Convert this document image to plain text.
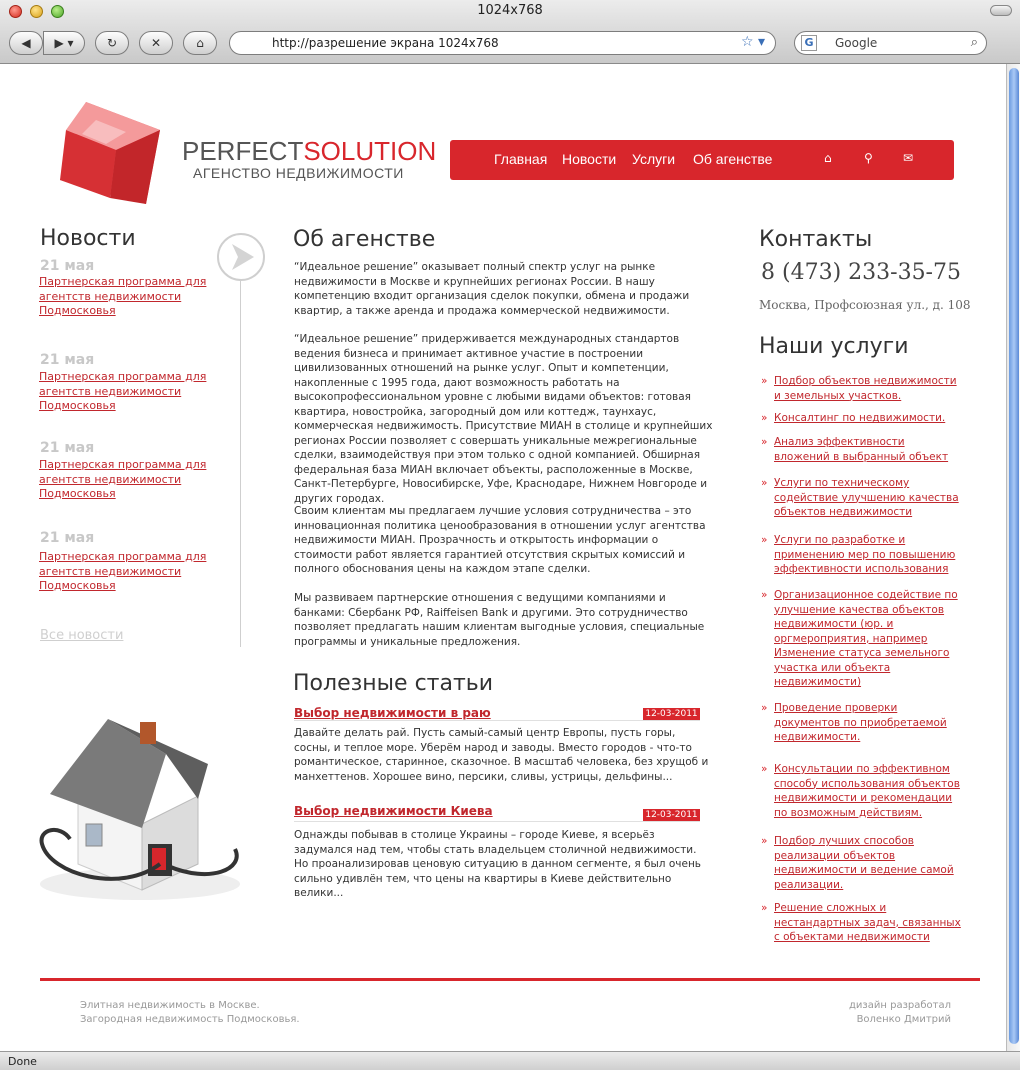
1024x768
◀ ▶ ▾	↻	✕	⌂	http://разрешение экрана 1024x768	☆ ▾	G Google	⌕
PERFECTSOLUTION
АГЕНСТВО НЕДВИЖИМОСТИ
Главная Новости Услуги Об агенстве	⌂	⚲	✉
Новости
21 мая
Партнерская программа для агентств недвижимости Подмосковья
21 мая
Партнерская программа для агентств недвижимости Подмосковья
21 мая
Партнерская программа для агентств недвижимости Подмосковья
21 мая
Партнерская программа для агентств недвижимости Подмосковья
Все новости
Об агенстве

“Идеальное решение” оказывает полный спектр услуг на рынке недвижимости в Москве и крупнейших регионах России. В нашу компетенцию входит организация сделок покупки, обмена и продажи квартир, а также аренда и продажа коммерческой недвижимости.

“Идеальное решение” придерживается международных стандартов ведения бизнеса и принимает активное участие в построении цивилизованных отношений на рынке услуг. Опыт и компетенции, накопленные с 1995 года, дают возможность работать на высокопрофессиональном уровне с любыми видами объектов: готовая квартира, новостройка, загородный дом или коттедж, таунхаус, коммерческая недвижимость. Присутствие МИАН в столице и крупнейших регионах России позволяет с совершать уникальные межрегиональные сделки, взаимодействуя при этом только с одной компанией. Обширная федеральная база МИАН включает объекты, расположенные в Москве, Санкт-Петербурге, Новосибирске, Уфе, Краснодаре, Нижнем Новгороде и других городах.

Своим клиентам мы предлагаем лучшие условия сотрудничества – это инновационная политика ценообразования в отношении услуг агентства недвижимости МИАН. Прозрачность и открытость информации о стоимости работ является гарантией отсутствия скрытых комиссий и полного обоснования цены на каждом этапе сделки.

Мы развиваем партнерские отношения с ведущими компаниями и банками: Сбербанк РФ, Raiffeisen Bank и другими. Это сотрудничество позволяет предлагать нашим клиентам выгодные условия, специальные программы и уникальные предложения.

Полезные статьи
Выбор недвижимости в раю	12-03-2011

Давайте делать рай. Пусть самый-самый центр Европы, пусть горы, сосны, и теплое море. Уберём народ и заводы. Вместо городов - что-то романтическое, старинное, сказочное. В масштаб человека, без хрущоб и манхеттенов. Хорошее вино, персики, сливы, устрицы, дельфины...

Выбор недвижимости Киева	12-03-2011

Однажды побывав в столице Украины – городе Киеве, я всерьёз задумался над тем, чтобы стать владельцем столичной недвижимости. Но проанализировав ценовую ситуацию в данном сегменте, я был очень сильно удивлён тем, что цены на квартиры в Киеве действительно велики...

Контакты
8 (473) 233-35-75
Москва, Профсоюзная ул., д. 108
Наши услуги
» Подбор объектов недвижимости и земельных участков.
» Консалтинг по недвижимости.
» Анализ эффективности вложений в выбранный объект
» Услуги по техническому содействие улучшению качества объектов недвижимости
» Услуги по разработке и применению мер по повышению эффективности использования
» Организационное содействие по улучшение качества объектов недвижимости (юр. и оргмероприятия, например Изменение статуса земельного участка или объекта недвижимости)
» Проведение проверки документов по приобретаемой недвижимости.
» Консультации по эффективном способу использования объектов недвижимости и рекомендации по возможным действиям.
» Подбор лучших способов реализации объектов недвижимости и ведение самой реализации.
» Решение сложных и нестандартных задач, связанных с объектами недвижимости
Элитная недвижимость в Москве.
Загородная недвижимость Подмосковья.
дизайн разработал
Воленко Дмитрий
Done
